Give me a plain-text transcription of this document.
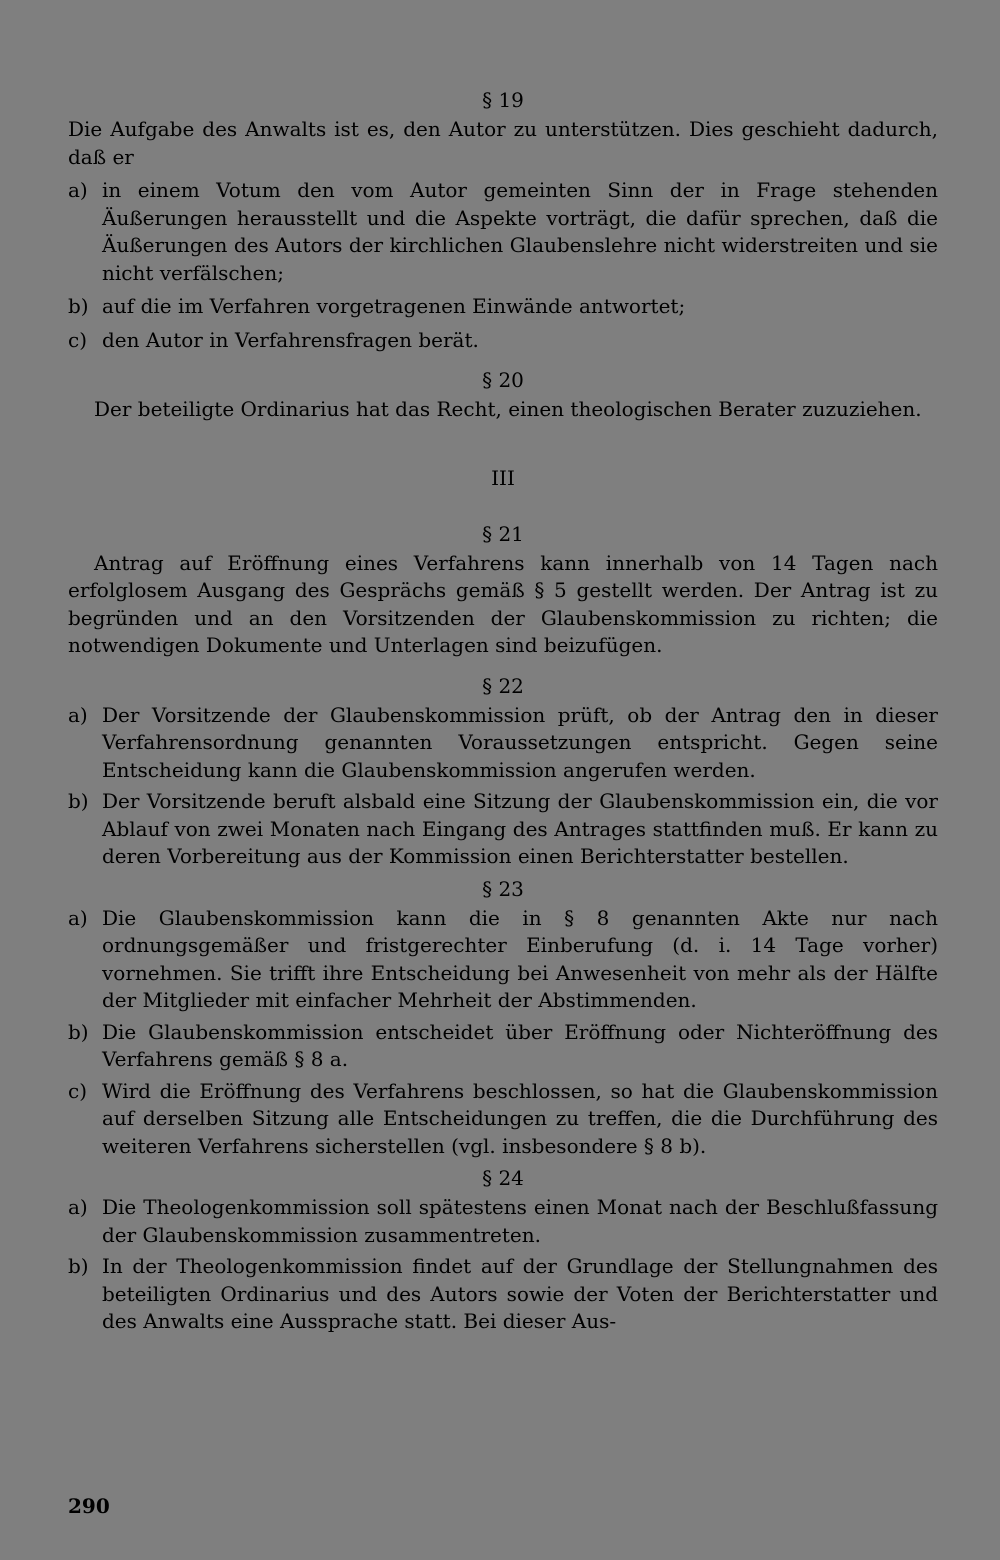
§ 19

Die Aufgabe des Anwalts ist es, den Autor zu unterstützen. Dies geschieht dadurch, daß er

a) in einem Votum den vom Autor gemeinten Sinn der in Frage stehenden Äußerungen herausstellt und die Aspekte vorträgt, die dafür sprechen, daß die Äußerungen des Autors der kirchlichen Glaubenslehre nicht widerstreiten und sie nicht verfälschen;
b) auf die im Verfahren vorgetragenen Einwände antwortet;
c) den Autor in Verfahrensfragen berät.
§ 20

Der beteiligte Ordinarius hat das Recht, einen theologischen Berater zuzuziehen.

III
§ 21

Antrag auf Eröffnung eines Verfahrens kann innerhalb von 14 Tagen nach erfolglosem Ausgang des Gesprächs gemäß § 5 gestellt werden. Der Antrag ist zu begründen und an den Vorsitzenden der Glaubenskommission zu richten; die notwendigen Dokumente und Unterlagen sind beizufügen.

§ 22
a) Der Vorsitzende der Glaubenskommission prüft, ob der Antrag den in dieser Verfahrensordnung genannten Voraussetzungen entspricht. Gegen seine Entscheidung kann die Glaubenskommission angerufen werden.
b) Der Vorsitzende beruft alsbald eine Sitzung der Glaubenskommission ein, die vor Ablauf von zwei Monaten nach Eingang des Antrages stattfinden muß. Er kann zu deren Vorbereitung aus der Kommission einen Berichterstatter bestellen.
§ 23
a) Die Glaubenskommission kann die in § 8 genannten Akte nur nach ordnungsgemäßer und fristgerechter Einberufung (d. i. 14 Tage vorher) vornehmen. Sie trifft ihre Entscheidung bei Anwesenheit von mehr als der Hälfte der Mitglieder mit einfacher Mehrheit der Abstimmenden.
b) Die Glaubenskommission entscheidet über Eröffnung oder Nichteröffnung des Verfahrens gemäß § 8 a.
c) Wird die Eröffnung des Verfahrens beschlossen, so hat die Glaubenskommission auf derselben Sitzung alle Entscheidungen zu treffen, die die Durchführung des weiteren Verfahrens sicherstellen (vgl. insbesondere § 8 b).
§ 24
a) Die Theologenkommission soll spätestens einen Monat nach der Beschlußfassung der Glaubenskommission zusammentreten.
b) In der Theologenkommission findet auf der Grundlage der Stellungnahmen des beteiligten Ordinarius und des Autors sowie der Voten der Berichterstatter und des Anwalts eine Aussprache statt. Bei dieser Aus-
290
